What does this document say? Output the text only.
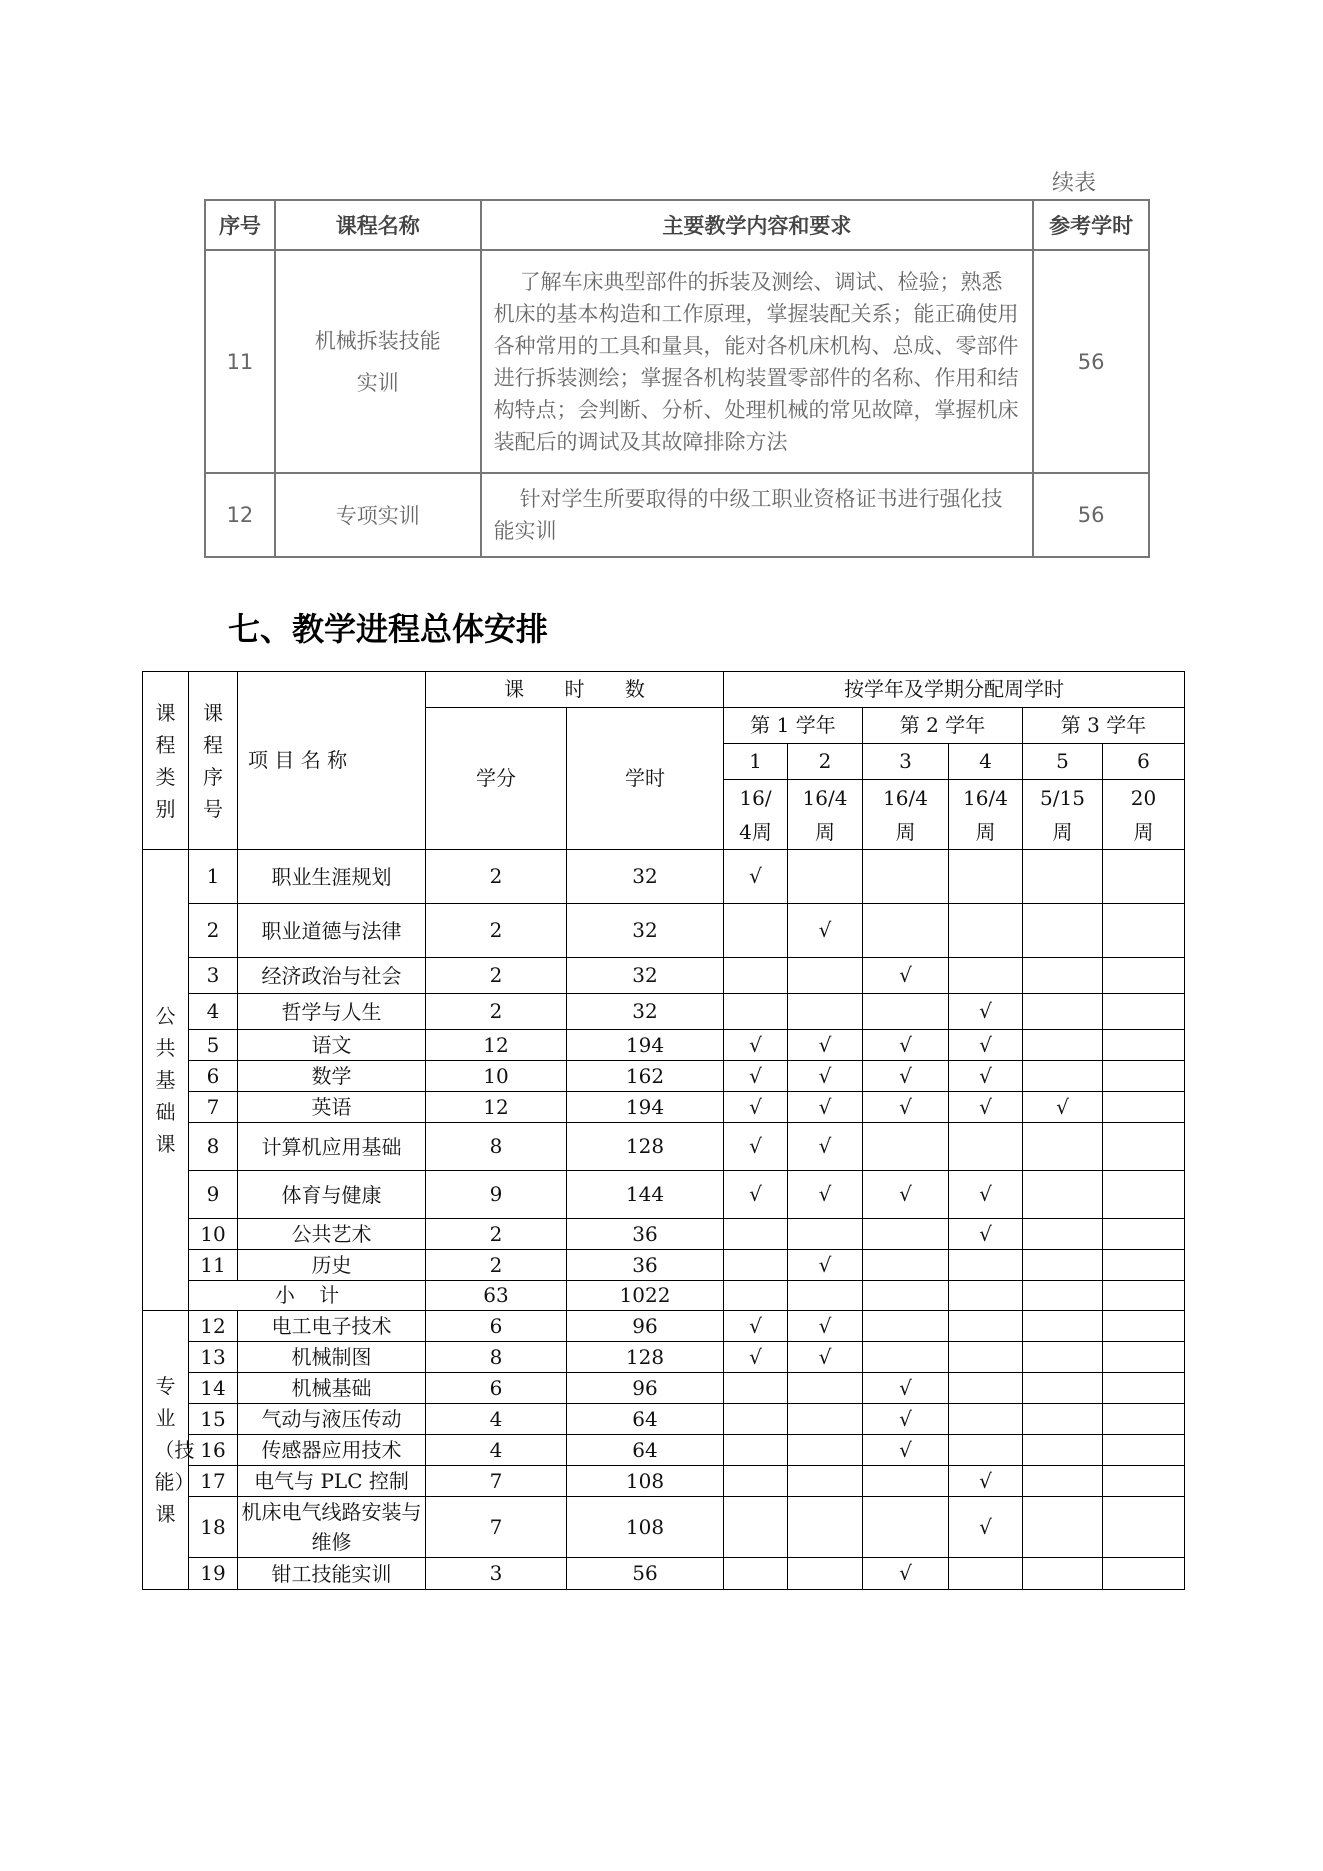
续表
序号	课程名称	主要教学内容和要求	参考学时
11	机械拆装技能实训	了解车床典型部件的拆装及测绘、调试、检验；熟悉机床的基本构造和工作原理，掌握装配关系；能正确使用各种常用的工具和量具，能对各机床机构、总成、零部件进行拆装测绘；掌握各机构装置零部件的名称、作用和结构特点；会判断、分析、处理机械的常见故障，掌握机床装配后的调试及其故障排除方法	56
12	专项实训	针对学生所要取得的中级工职业资格证书进行强化技能实训	56
七、教学进程总体安排
课程类别	课程序号	项 目 名 称	课 时 数		按学年及学期分配周学时					
			学分	学时	第 1 学年		第 2 学年		第 3 学年	
					1	2	3	4	5	6

					16/4周	16/4周	16/4周	16/4周	5/15周	20周

公共基础课	1	职业生涯规划	2	32	√					
	2	职业道德与法律	2	32		√				
	3	经济政治与社会	2	32			√			
	4	哲学与人生	2	32				√		
	5	语文	12	194	√	√	√	√		
	6	数学	10	162	√	√	√	√		
	7	英语	12	194	√	√	√	√	√	
	8	计算机应用基础	8	128	√	√				
	9	体育与健康	9	144	√	√	√	√		
	10	公共艺术	2	36				√		
	11	历史	2	36		√				
	小 计		63	1022						

专业（技能）课	12	电工电子技术	6	96	√	√				
	13	机械制图	8	128	√	√				
	14	机械基础	6	96			√			
	15	气动与液压传动	4	64			√			
	16	传感器应用技术	4	64			√			
	17	电气与 PLC 控制	7	108				√		
	18	机床电气线路安装与维修	7	108				√		
	19	钳工技能实训	3	56			√			
